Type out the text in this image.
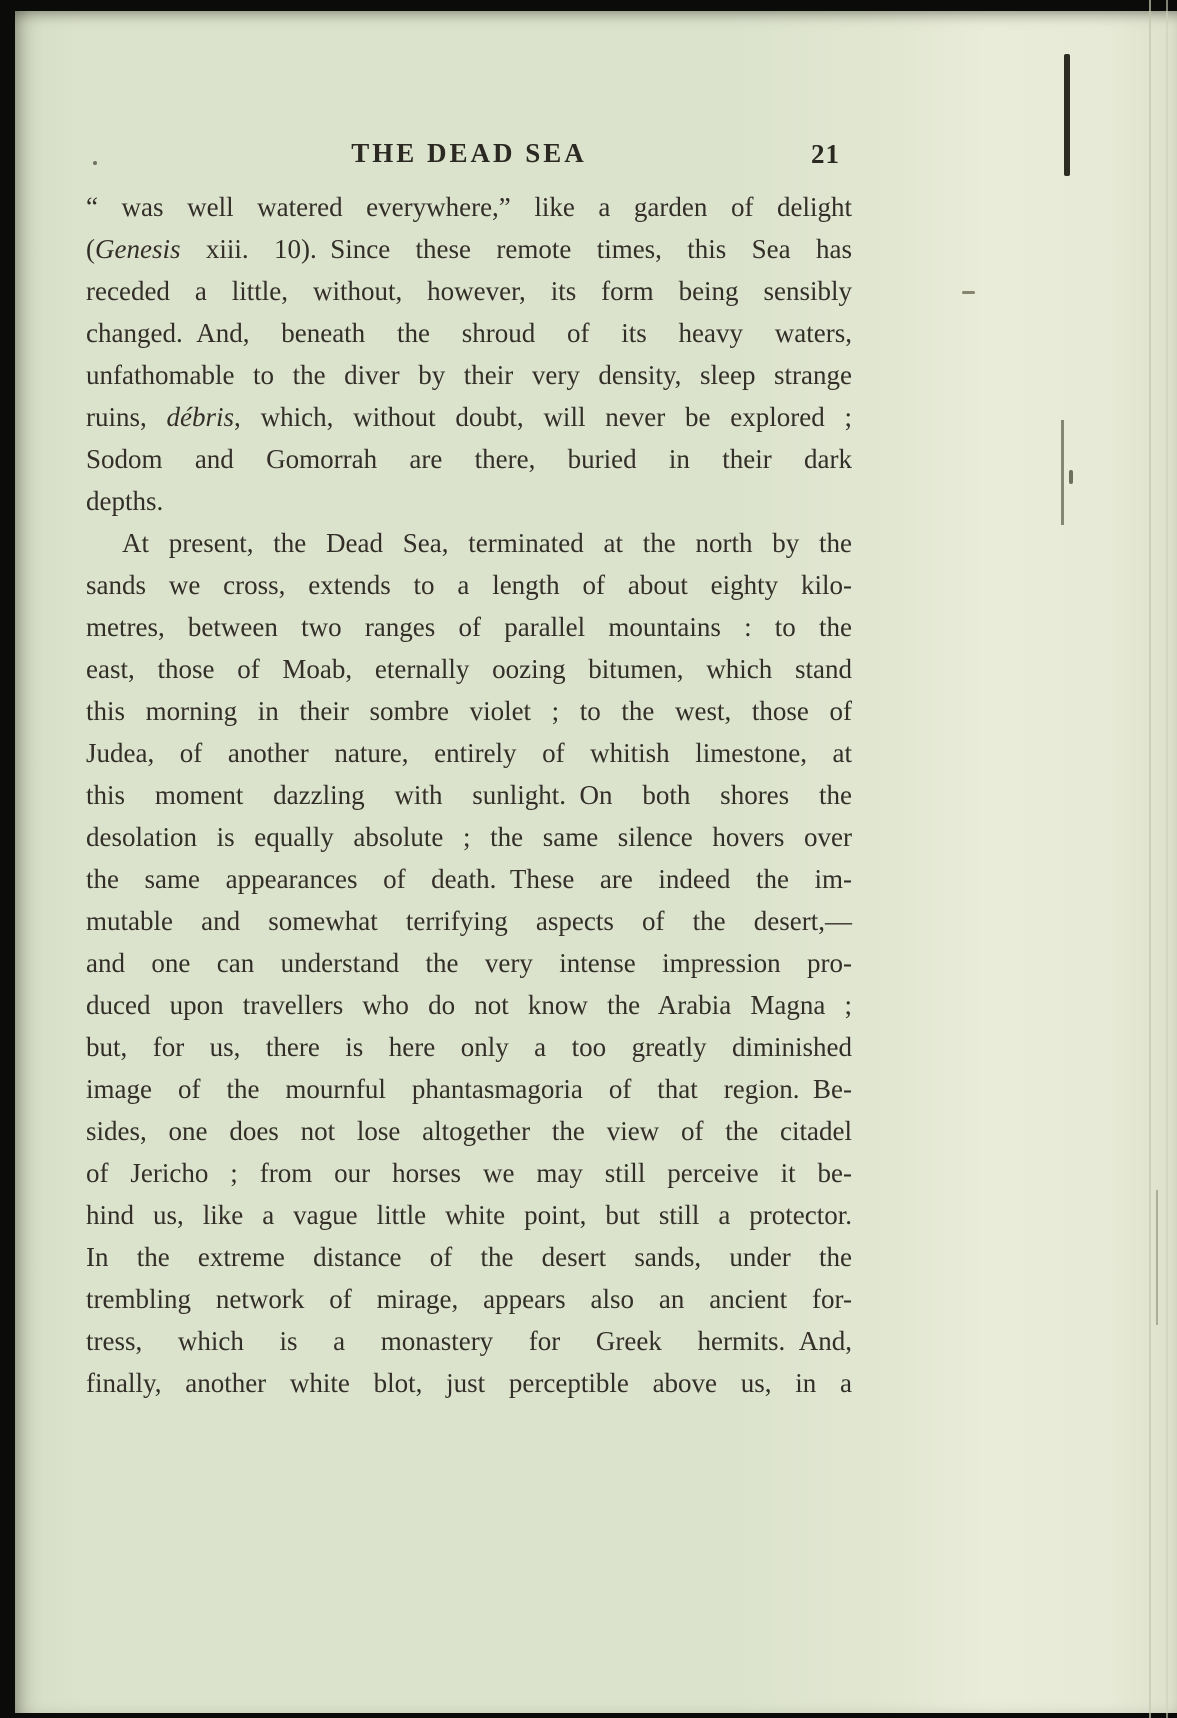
THE DEAD SEA	21
“ was well watered everywhere,” like a garden of delight
(Genesis xiii. 10). Since these remote times, this Sea has
receded a little, without, however, its form being sensibly
changed. And, beneath the shroud of its heavy waters,
unfathomable to the diver by their very density, sleep strange
ruins, débris, which, without doubt, will never be explored ;
Sodom and Gomorrah are there, buried in their dark
depths.
At present, the Dead Sea, terminated at the north by the
sands we cross, extends to a length of about eighty kilo-
metres, between two ranges of parallel mountains : to the
east, those of Moab, eternally oozing bitumen, which stand
this morning in their sombre violet ; to the west, those of
Judea, of another nature, entirely of whitish limestone, at
this moment dazzling with sunlight. On both shores the
desolation is equally absolute ; the same silence hovers over
the same appearances of death. These are indeed the im-
mutable and somewhat terrifying aspects of the desert,—
and one can understand the very intense impression pro-
duced upon travellers who do not know the Arabia Magna ;
but, for us, there is here only a too greatly diminished
image of the mournful phantasmagoria of that region. Be-
sides, one does not lose altogether the view of the citadel
of Jericho ; from our horses we may still perceive it be-
hind us, like a vague little white point, but still a protector.
In the extreme distance of the desert sands, under the
trembling network of mirage, appears also an ancient for-
tress, which is a monastery for Greek hermits. And,
finally, another white blot, just perceptible above us, in a
